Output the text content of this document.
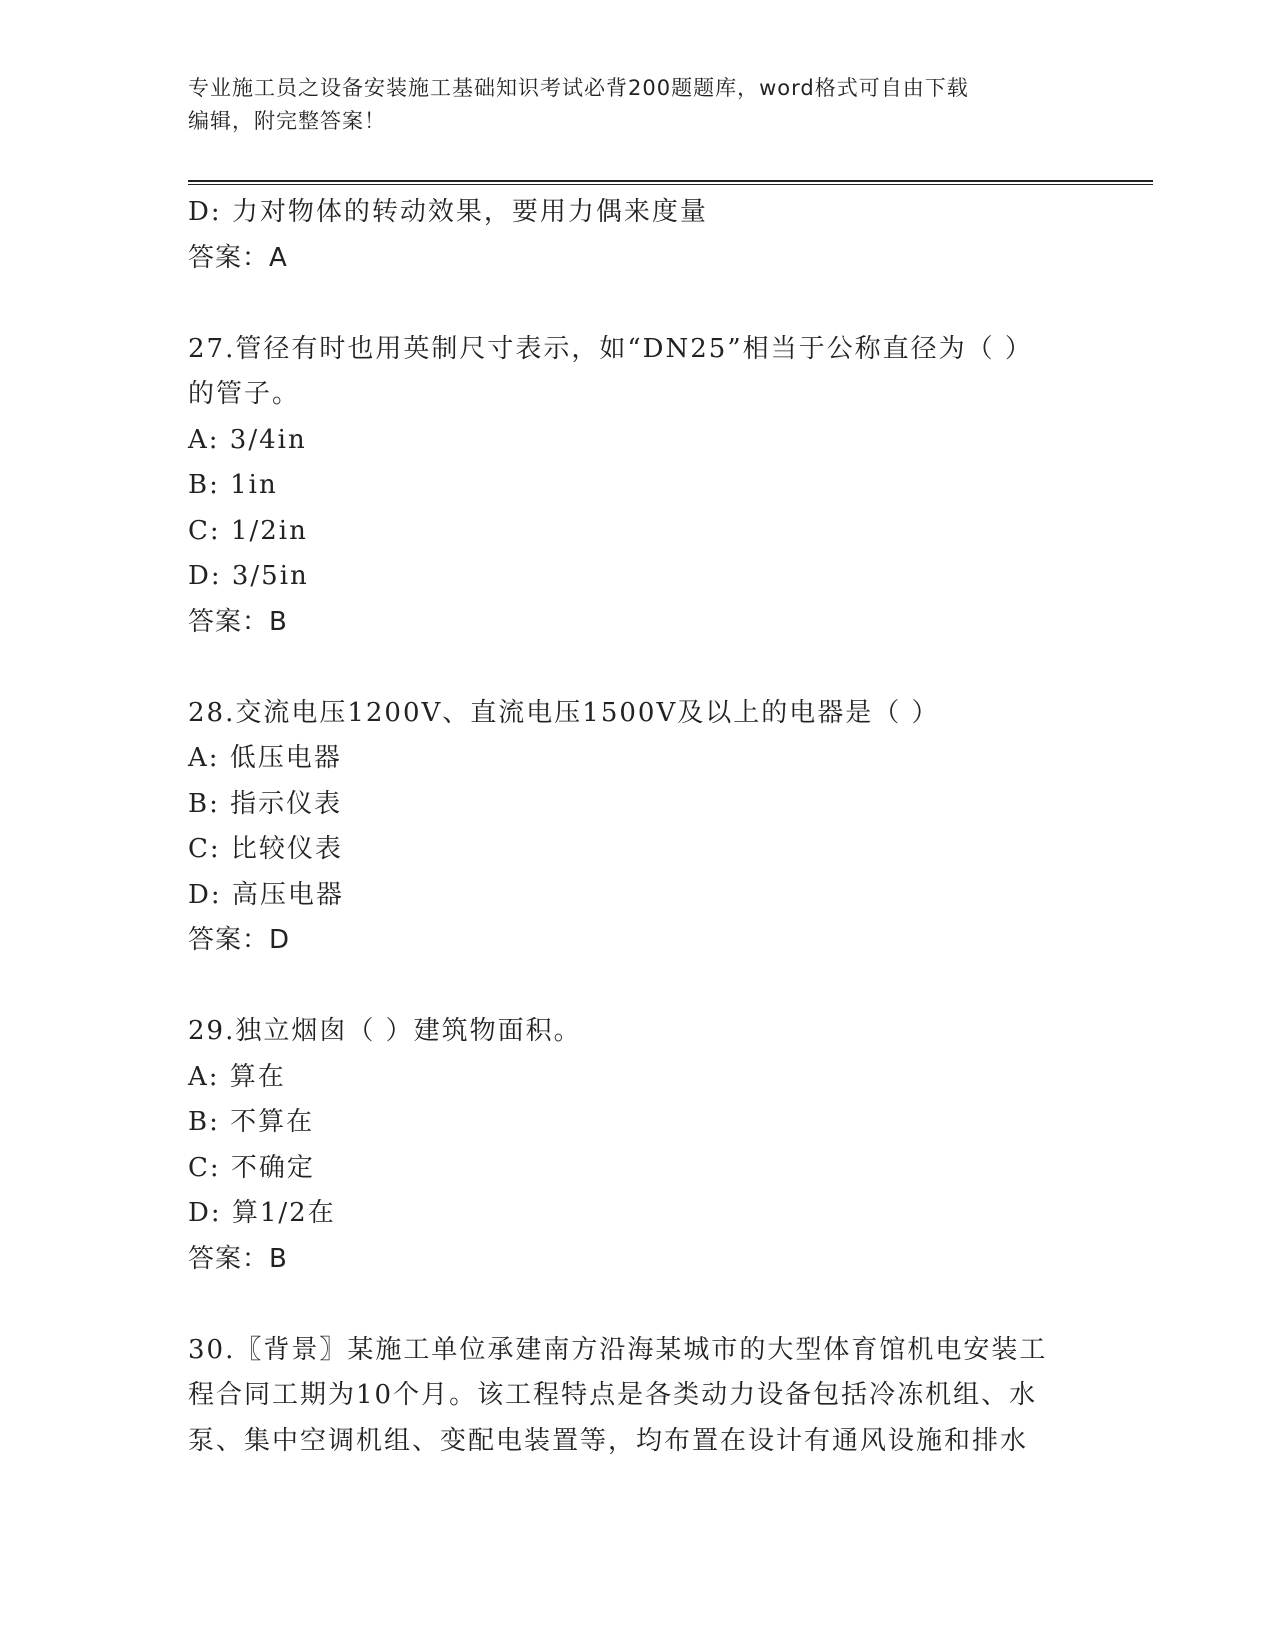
专业施工员之设备安装施工基础知识考试必背200题题库，word格式可自由下载
编辑，附完整答案！
D: 力对物体的转动效果，要用力偶来度量
答案：A
27.管径有时也用英制尺寸表示，如“DN25”相当于公称直径为（ ）
的管子。
A: 3/4in
B: 1in
C: 1/2in
D: 3/5in
答案：B
28.交流电压1200V、直流电压1500V及以上的电器是（ ）
A: 低压电器
B: 指示仪表
C: 比较仪表
D: 高压电器
答案：D
29.独立烟囱（ ）建筑物面积。
A: 算在
B: 不算在
C: 不确定
D: 算1/2在
答案：B
30.〖背景〗某施工单位承建南方沿海某城市的大型体育馆机电安装工
程合同工期为10个月。该工程特点是各类动力设备包括冷冻机组、水
泵、集中空调机组、变配电装置等，均布置在设计有通风设施和排水
